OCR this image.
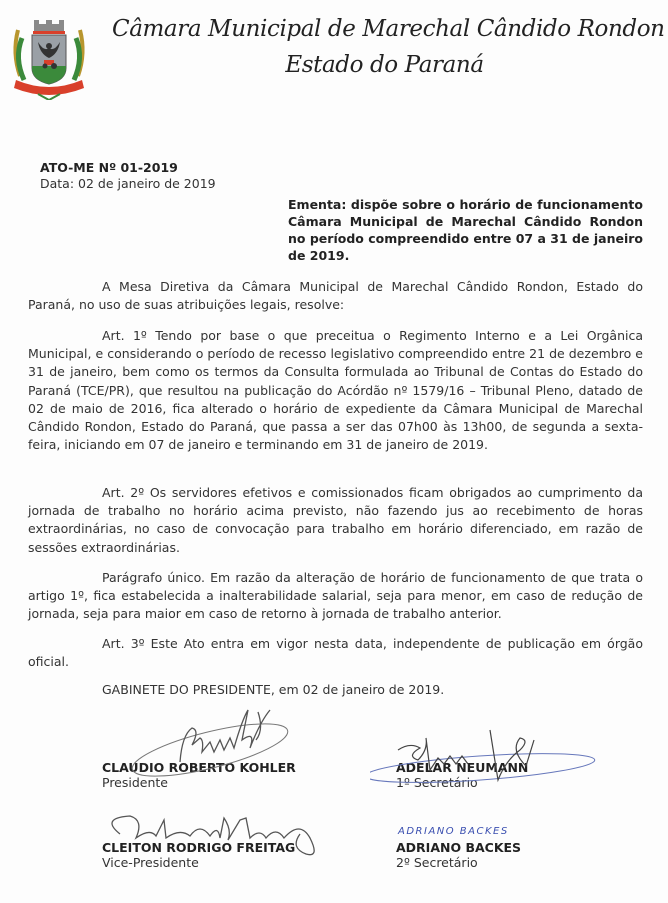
Câmara Municipal de Marechal Cândido Rondon
Estado do Paraná
ATO-ME Nº 01-2019
Data: 02 de janeiro de 2019
Ementa: dispõe sobre o horário de funcionamento Câmara Municipal de Marechal Cândido Rondon no período compreendido entre 07 a 31 de janeiro de 2019.

A Mesa Diretiva da Câmara Municipal de Marechal Cândido Rondon, Estado do Paraná, no uso de suas atribuições legais, resolve:

Art. 1º Tendo por base o que preceitua o Regimento Interno e a Lei Orgânica Municipal, e considerando o período de recesso legislativo compreendido entre 21 de dezembro e 31 de janeiro, bem como os termos da Consulta formulada ao Tribunal de Contas do Estado do Paraná (TCE/PR), que resultou na publicação do Acórdão nº 1579/16 – Tribunal Pleno, datado de 02 de maio de 2016, fica alterado o horário de expediente da Câmara Municipal de Marechal Cândido Rondon, Estado do Paraná, que passa a ser das 07h00 às 13h00, de segunda a sexta-feira, iniciando em 07 de janeiro e terminando em 31 de janeiro de 2019.

Art. 2º Os servidores efetivos e comissionados ficam obrigados ao cumprimento da jornada de trabalho no horário acima previsto, não fazendo jus ao recebimento de horas extraordinárias, no caso de convocação para trabalho em horário diferenciado, em razão de sessões extraordinárias.

Parágrafo único. Em razão da alteração de horário de funcionamento de que trata o artigo 1º, fica estabelecida a inalterabilidade salarial, seja para menor, em caso de redução de jornada, seja para maior em caso de retorno à jornada de trabalho anterior.

Art. 3º Este Ato entra em vigor nesta data, independente de publicação em órgão oficial.

GABINETE DO PRESIDENTE, em 02 de janeiro de 2019.
CLAUDIO ROBERTO KOHLER
Presidente
ADELAR NEUMANN
1º Secretário
CLEITON RODRIGO FREITAG
Vice-Presidente
ADRIANO BACKES
ADRIANO BACKES
2º Secretário
